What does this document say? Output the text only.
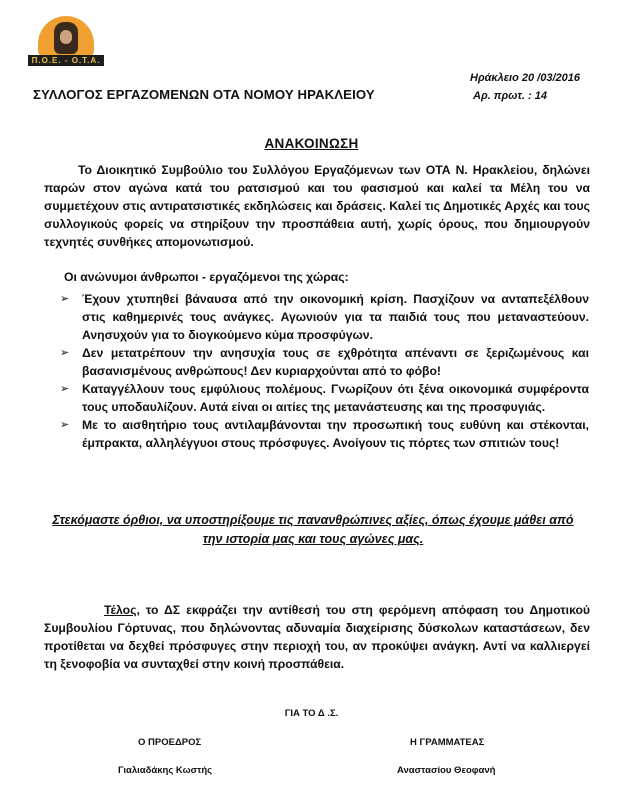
Π.Ο.Ε. - Ο.Τ.Α.
ΣΥΛΛΟΓΟΣ ΕΡΓΑΖΟΜΕΝΩΝ ΟΤΑ ΝΟΜΟΥ ΗΡΑΚΛΕΙΟΥ
Ηράκλειο 20 /03/2016
Αρ. πρωτ. : 14
ΑΝΑΚΟΙΝΩΣΗ

Το Διοικητικό Συμβούλιο του Συλλόγου Εργαζόμενων των ΟΤΑ Ν. Ηρακλείου, δηλώνει παρών στον αγώνα κατά του ρατσισμού και του φασισμού και καλεί τα Μέλη του να συμμετέχουν στις αντιρατσιστικές εκδηλώσεις και δράσεις. Καλεί τις Δημοτικές Αρχές και τους συλλογικούς φορείς να στηρίξουν την προσπάθεια αυτή, χωρίς όρους, που δημιουργούν τεχνητές συνθήκες απομονωτισμού.

Οι ανώνυμοι άνθρωποι - εργαζόμενοι της χώρας:
➢ Έχουν χτυπηθεί βάναυσα από την οικονομική κρίση. Πασχίζουν να ανταπεξέλθουν στις καθημερινές τους ανάγκες. Αγωνιούν για τα παιδιά τους που μεταναστεύουν. Ανησυχούν για το διογκούμενο κύμα προσφύγων.
➢ Δεν μετατρέπουν την ανησυχία τους σε εχθρότητα απέναντι σε ξεριζωμένους και βασανισμένους ανθρώπους! Δεν κυριαρχούνται από το φόβο!
➢ Καταγγέλλουν τους εμφύλιους πολέμους. Γνωρίζουν ότι ξένα οικονομικά συμφέροντα τους υποδαυλίζουν. Αυτά είναι οι αιτίες της μετανάστευσης και της προσφυγιάς.
➢ Με το αισθητήριο τους αντιλαμβάνονται την προσωπική τους ευθύνη και στέκονται, έμπρακτα, αλληλέγγυοι στους πρόσφυγες. Ανοίγουν τις πόρτες των σπιτιών τους!
Στεκόμαστε όρθιοι, να υποστηρίξουμε τις πανανθρώπινες αξίες, όπως έχουμε μάθει από την ιστορία μας και τους αγώνες μας.

Τέλος, το ΔΣ εκφράζει την αντίθεσή του στη φερόμενη απόφαση του Δημοτικού Συμβουλίου Γόρτυνας, που δηλώνοντας αδυναμία διαχείρισης δύσκολων καταστάσεων, δεν προτίθεται να δεχθεί πρόσφυγες στην περιοχή του, αν προκύψει ανάγκη. Αντί να καλλιεργεί τη ξενοφοβία να συνταχθεί στην κοινή προσπάθεια.

ΓΙΑ ΤΟ Δ .Σ.
Ο ΠΡΟΕΔΡΟΣ	Η ΓΡΑΜΜΑΤΕΑΣ
Γιαλιαδάκης Κωστής	Αναστασίου Θεοφανή
